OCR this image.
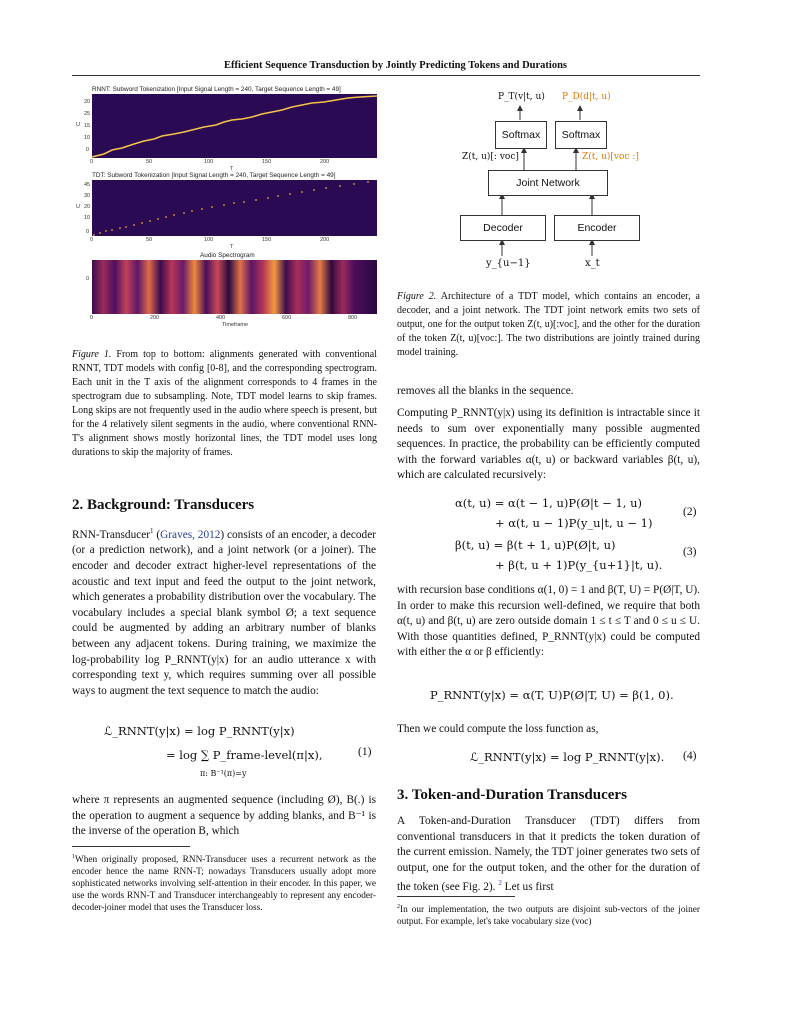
Efficient Sequence Transduction by Jointly Predicting Tokens and Durations
RNNT: Subword Tokenization [Input Signal Length = 240, Target Sequence Length = 49]
U
20
25
15
10
0
0	50	100	150	200
T
TDT: Subword Tokenization [Input Signal Length = 240, Target Sequence Length = 49]
U
45
30
20
10
0
0	50	100	150	200
T
Audio Spectrogram
0
0	200	400	600	800
Timeframe
Figure 1. From top to bottom: alignments generated with conventional RNNT, TDT models with config [0-8], and the corresponding spectrogram. Each unit in the T axis of the alignment corresponds to 4 frames in the spectrogram due to subsampling. Note, TDT model learns to skip frames. Long skips are not frequently used in the audio where speech is present, but for the 4 relatively silent segments in the audio, where conventional RNN-T's alignment shows mostly horizontal lines, the TDT model uses long durations to skip the majority of frames.
P_T(v|t, u) P_D(d|t, u)
Softmax	Softmax
Z(t, u)[: voc]	Z(t, u)[voc :]
Joint Network
Decoder	Encoder
y_{u−1}	x_t
Figure 2. Architecture of a TDT model, which contains an encoder, a decoder, and a joint network. The TDT joint network emits two sets of output, one for the output token Z(t, u)[:voc], and the other for the duration of the token Z(t, u)[voc:]. The two distributions are jointly trained during model training.
2. Background: Transducers

RNN-Transducer$^1$ (Graves, 2012) consists of an encoder, a decoder (or a prediction network), and a joint network (or a joiner). The encoder and decoder extract higher-level representations of the acoustic and text input and feed the output to the joint network, which generates a probability distribution over the vocabulary. The vocabulary includes a special blank symbol Ø; a text sequence could be augmented by adding an arbitrary number of blanks between any adjacent tokens. During training, we maximize the log-probability log P_RNNT(y|x) for an audio utterance x with corresponding text y, which requires summing over all possible ways to augment the text sequence to match the audio:

ℒ_RNNT(y|x) = log P_RNNT(y|x)
= log ∑ P_frame-level(π|x),
π: B⁻¹(π)=y
(1)

where π represents an augmented sequence (including Ø), B(.) is the operation to augment a sequence by adding blanks, and B⁻¹ is the inverse of the operation B, which

$^1$When originally proposed, RNN-Transducer uses a recurrent network as the encoder hence the name RNN-T; nowadays Transducers usually adopt more sophisticated networks involving self-attention in their encoder. In this paper, we use the words RNN-T and Transducer interchangeably to represent any encoder-decoder-joiner model that uses the Transducer loss.

removes all the blanks in the sequence.

Computing P_RNNT(y|x) using its definition is intractable since it needs to sum over exponentially many possible augmented sequences. In practice, the probability can be efficiently computed with the forward variables α(t, u) or backward variables β(t, u), which are calculated recursively:

α(t, u) = α(t − 1, u)P(Ø|t − 1, u)
+ α(t, u − 1)P(y_u|t, u − 1)
(2)
β(t, u) = β(t + 1, u)P(Ø|t, u)
+ β(t, u + 1)P(y_{u+1}|t, u).
(3)

with recursion base conditions α(1, 0) = 1 and β(T, U) = P(Ø|T, U). In order to make this recursion well-defined, we require that both α(t, u) and β(t, u) are zero outside domain 1 ≤ t ≤ T and 0 ≤ u ≤ U. With those quantities defined, P_RNNT(y|x) could be computed with either the α or β efficiently:

P_RNNT(y|x) = α(T, U)P(Ø|T, U) = β(1, 0).

Then we could compute the loss function as,

ℒ_RNNT(y|x) = log P_RNNT(y|x). (4)
3. Token-and-Duration Transducers

A Token-and-Duration Transducer (TDT) differs from conventional transducers in that it predicts the token duration of the current emission. Namely, the TDT joiner generates two sets of output, one for the output token, and the other for the duration of the token (see Fig. 2). $^2$ Let us first

$^2$In our implementation, the two outputs are disjoint sub-vectors of the joiner output. For example, let's take vocabulary size (voc)
